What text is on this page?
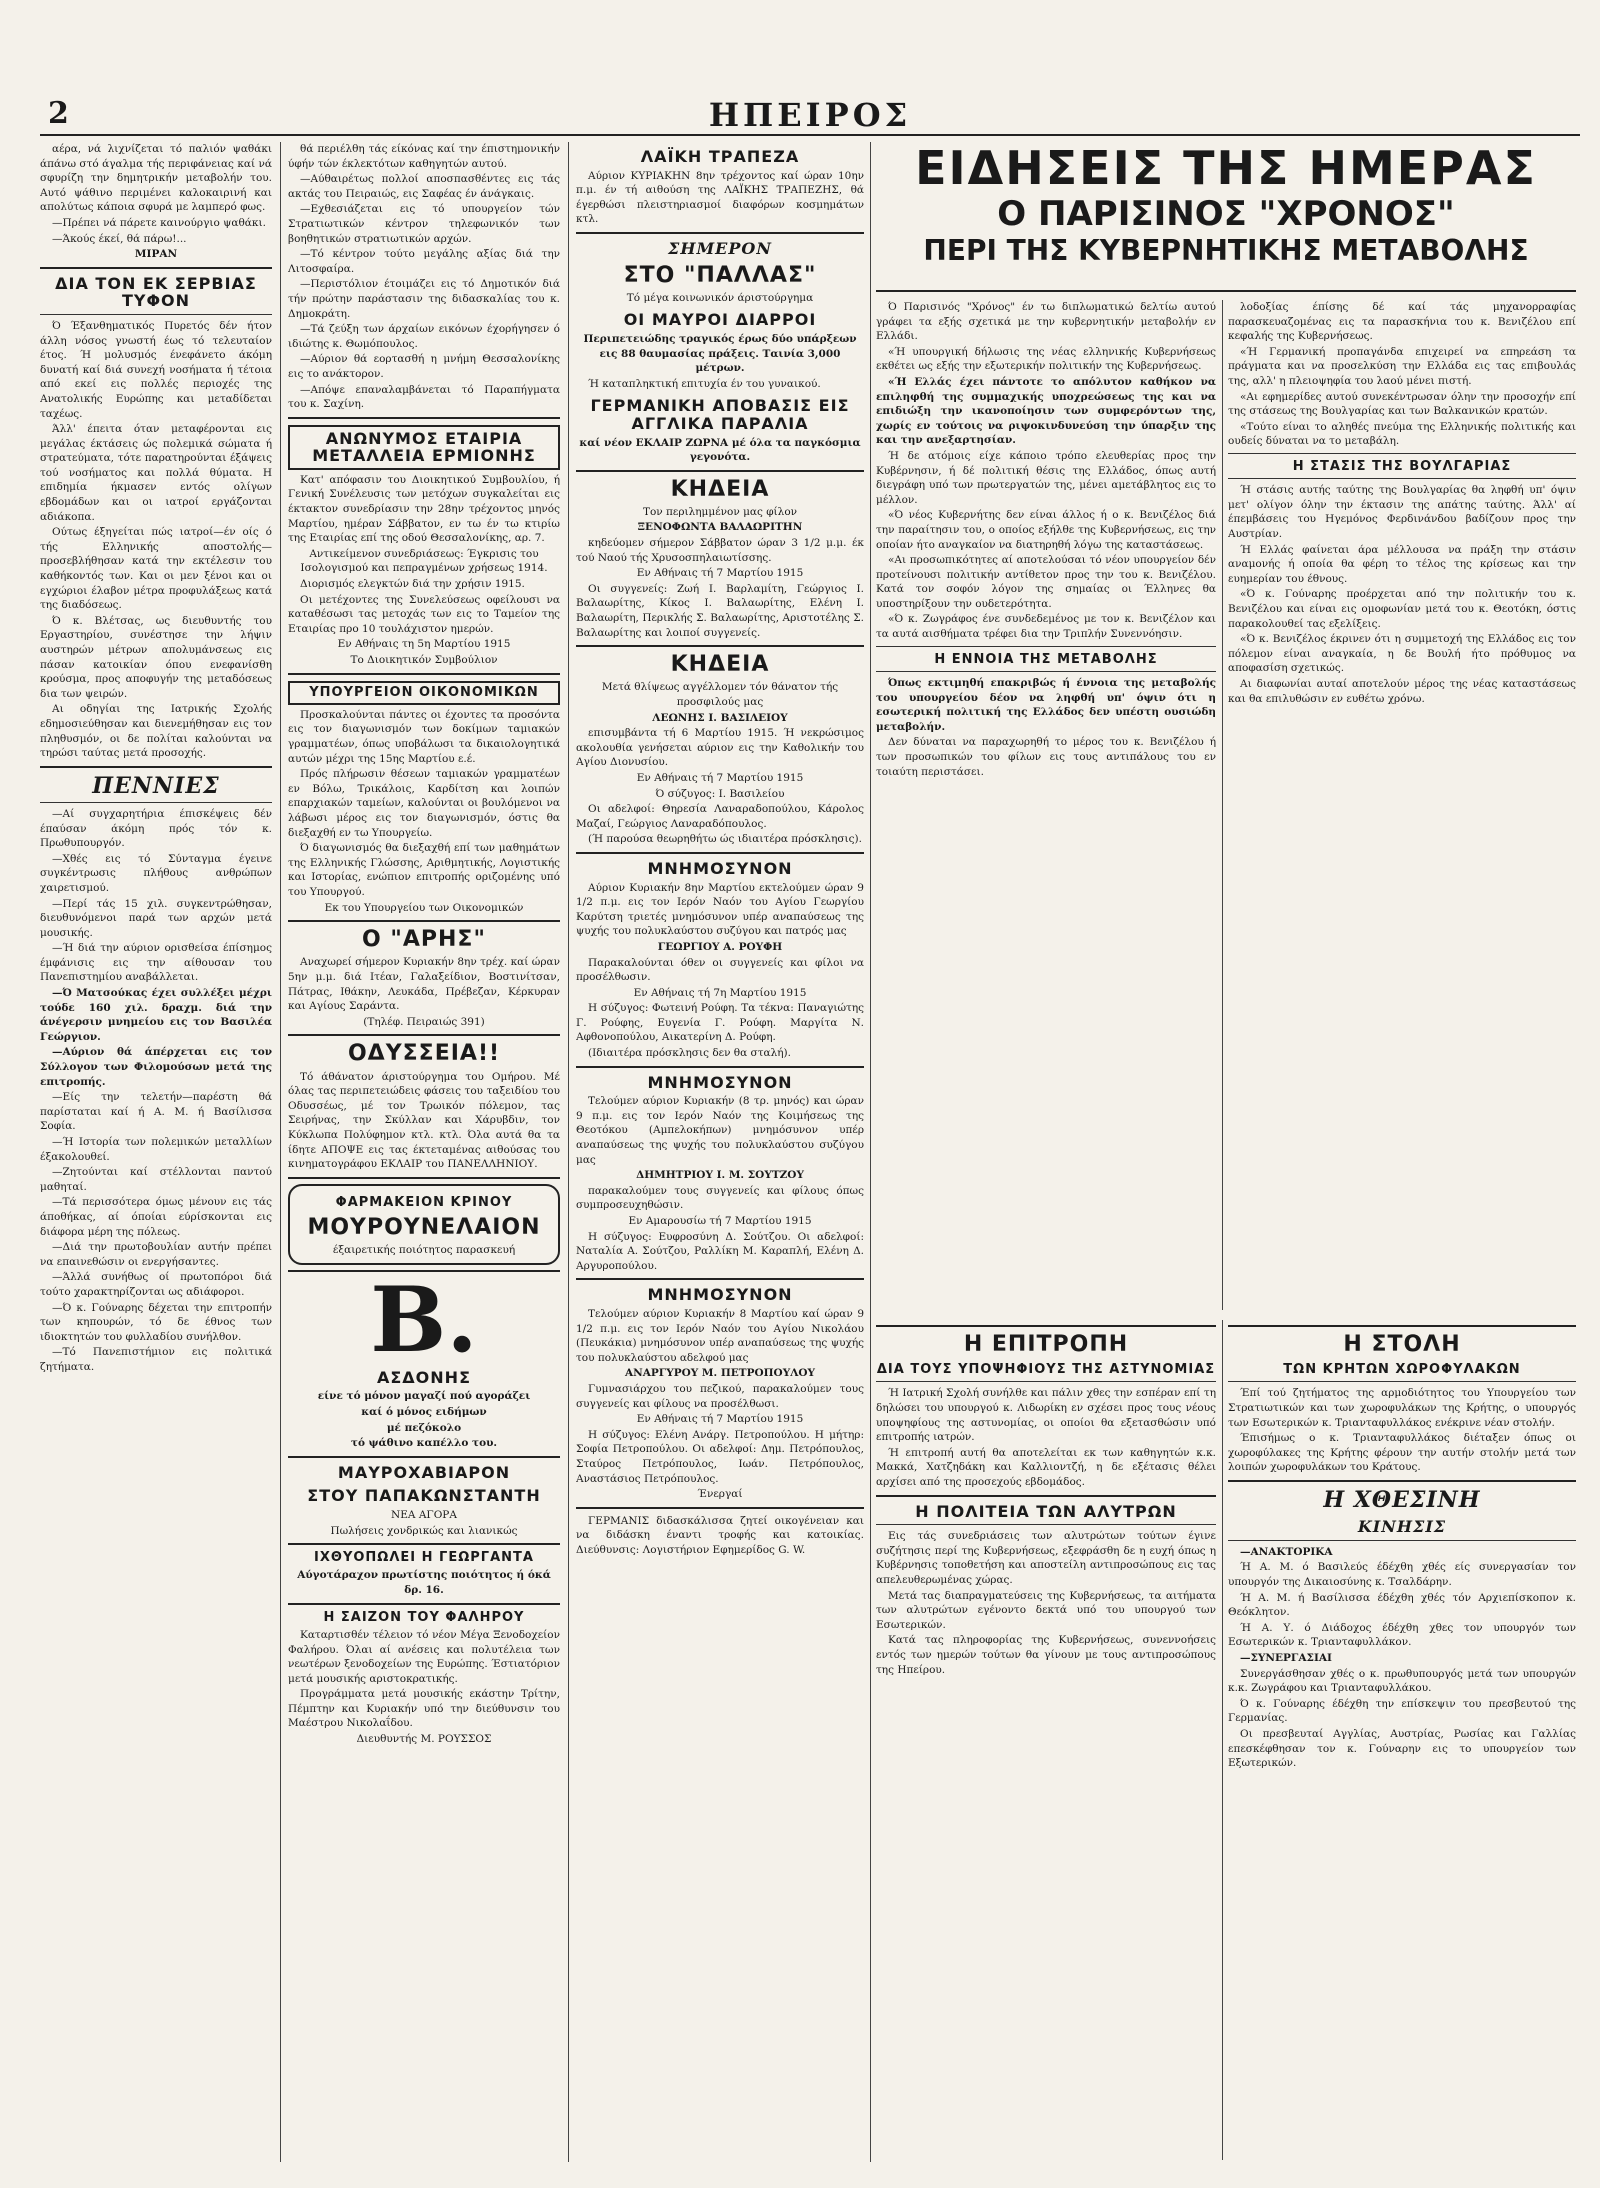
2	ΗΠΕΙΡΟΣ

αέρα, νά λιχνίζεται τό παλιόν ψαθάκι άπάνω στό άγαλμα τής περιφάνειας καί νά σφυρίζη την δημητρικήν μεταβολήν του. Αυτό ψάθινο περιμένει καλοκαιρινή και απολύτως κάποια σφυρά με λαμπερό φως.

—Πρέπει νά πάρετε καινούργιο ψαθάκι.

—Άκούς έκεί, θά πάρω!...

ΜΙΡΑΝ

ΔΙΑ ΤΟΝ ΕΚ ΣΕΡΒΙΑΣ ΤΥΦΟΝ

Ό Έξανθηματικός Πυρετός δέν ήτον άλλη νόσος γνωστή έως τό τελευταίον έτος. Ή μολυσμός ένεφάνετο άκόμη δυνατή καί διά συνεχή νοσήματα ή τέτοια από εκεί εις πολλές περιοχές της Ανατολικής Ευρώπης και μεταδίδεται ταχέως.

Άλλ' έπειτα όταν μεταφέρονται εις μεγάλας έκτάσεις ώς πολεμικά σώματα ή στρατεύματα, τότε παρατηρούνται έξάψεις τού νοσήματος και πολλά θύματα. Η επιδημία ήκμασεν εντός ολίγων εβδομάδων και οι ιατροί εργάζονται αδιάκοπα.

Ούτως έξηγείται πώς ιατροί—έν οίς ό τής Ελληνικής αποστολής—προσεβλήθησαν κατά την εκτέλεσιν του καθήκοντός των. Και οι μεν ξένοι και οι εγχώριοι έλαβον μέτρα προφυλάξεως κατά της διαδόσεως.

Ό κ. Βλέτσας, ως διευθυντής του Εργαστηρίου, συνέστησε την λήψιν αυστηρών μέτρων απολυμάνσεως εις πάσαν κατοικίαν όπου ενεφανίσθη κρούσμα, προς αποφυγήν της μεταδόσεως δια των ψειρών.

Αι οδηγίαι της Ιατρικής Σχολής εδημοσιεύθησαν και διενεμήθησαν εις τον πληθυσμόν, οι δε πολίται καλούνται να τηρώσι ταύτας μετά προσοχής.

ΠΕΝΝΙΕΣ

—Αί συγχαρητήρια έπισκέψεις δέν έπαύσαν άκόμη πρός τόν κ. Πρωθυπουργόν.

—Χθές εις τό Σύνταγμα έγεινε συγκέντρωσις πλήθους ανθρώπων χαιρετισμού.

—Περί τάς 15 χιλ. συγκεντρώθησαν, διευθυνόμενοι παρά των αρχών μετά μουσικής.

—Ή διά την αύριον ορισθείσα έπίσημος έμφάνισις εις την αίθουσαν του Πανεπιστημίου αναβάλλεται.

—Ό Ματσούκας έχει συλλέξει μέχρι τούδε 160 χιλ. δραχμ. διά την άνέγερσιν μνημείου εις τον Βασιλέα Γεώργιον.

—Αύριον θά άπέρχεται εις τον Σύλλογον των Φιλομούσων μετά της επιτροπής.

—Είς την τελετήν—παρέστη θά παρίσταται καί ή Α. Μ. ή Βασίλισσα Σοφία.

—Ή Ιστορία των πολεμικών μεταλλίων έξακολουθεί.

—Ζητούνται καί στέλλονται παντού μαθηταί.

—Τά περισσότερα όμως μένουν εις τάς άποθήκας, αί όποίαι εύρίσκονται εις διάφορα μέρη της πόλεως.

—Διά την πρωτοβουλίαν αυτήν πρέπει να επαινεθώσιν οι ενεργήσαντες.

—Άλλά συνήθως οί πρωτοπόροι διά τούτο χαρακτηρίζονται ως αδιάφοροι.

—Ό κ. Γούναρης δέχεται την επιτροπήν των κηπουρών, τό δε έθνος των ιδιοκτητών του φυλλαδίου συνήλθον.

—Τό Πανεπιστήμιον εις πολιτικά ζητήματα.

θά περιέλθη τάς είκόνας καί την έπιστημονικήν ύφήν τών έκλεκτότων καθηγητών αυτού.

—Αύθαιρέτως πολλοί αποσπασθέντες εις τάς ακτάς του Πειραιώς, εις Σαφέας έν άνάγκαις.

—Εχθεσιάζεται εις τό υπουργείον τών Στρατιωτικών κέντρον τηλεφωνικόν των βοηθητικών στρατιωτικών αρχών.

—Τό κέντρον τούτο μεγάλης αξίας διά την Λιτοσφαίρα.

—Περιστόλιον έτοιμάζει εις τό Δημοτικόν διά τήν πρώτην παράστασιν της διδασκαλίας του κ. Δημοκράτη.

—Τά ζεύξη των άρχαίων εικόνων έχορήγησεν ό ιδιώτης κ. Θωμόπουλος.

—Αύριον θά εορτασθή η μνήμη Θεσσαλονίκης εις το ανάκτορον.

—Απόψε επαναλαμβάνεται τό Παραπήγματα του κ. Σαχίνη.

ΑΝΩΝΥΜΟΣ ΕΤΑΙΡΙΑ
ΜΕΤΑΛΛΕΙΑ ΕΡΜΙΟΝΗΣ

Κατ' απόφασιν του Διοικητικού Συμβουλίου, ή Γενική Συνέλευσις των μετόχων συγκαλείται εις έκτακτον συνεδρίασιν την 28ην τρέχοντος μηνός Μαρτίου, ημέραν Σάββατον, εν τω έν τω κτιρίω της Εταιρίας επί της οδού Θεσσαλονίκης, αρ. 7.

Αντικείμενον συνεδριάσεως: Έγκρισις του Ισολογισμού και πεπραγμένων χρήσεως 1914.

Διορισμός ελεγκτών διά την χρήσιν 1915.

Οι μετέχοντες της Συνελεύσεως οφείλουσι να καταθέσωσι τας μετοχάς των εις το Ταμείον της Εταιρίας προ 10 τουλάχιστον ημερών.

Εν Αθήναις τη 5η Μαρτίου 1915

Το Διοικητικόν Συμβούλιον

ΥΠΟΥΡΓΕΙΟΝ ΟΙΚΟΝΟΜΙΚΩΝ

Προσκαλούνται πάντες οι έχοντες τα προσόντα εις τον διαγωνισμόν των δοκίμων ταμιακών γραμματέων, όπως υποβάλωσι τα δικαιολογητικά αυτών μέχρι της 15ης Μαρτίου ε.έ.

Πρός πλήρωσιν θέσεων ταμιακών γραμματέων εν Βόλω, Τρικάλοις, Καρδίτση και λοιπών επαρχιακών ταμείων, καλούνται οι βουλόμενοι να λάβωσι μέρος εις τον διαγωνισμόν, όστις θα διεξαχθή εν τω Υπουργείω.

Ό διαγωνισμός θα διεξαχθή επί των μαθημάτων της Ελληνικής Γλώσσης, Αριθμητικής, Λογιστικής και Ιστορίας, ενώπιον επιτροπής οριζομένης υπό του Υπουργού.

Εκ του Υπουργείου των Οικονομικών

Ο "ΑΡΗΣ"

Αναχωρεί σήμερον Κυριακήν 8ην τρέχ. καί ώραν 5ην μ.μ. διά Ιτέαν, Γαλαξείδιον, Βοστινίτσαν, Πάτρας, Ιθάκην, Λευκάδα, Πρέβεζαν, Κέρκυραν και Αγίους Σαράντα.

(Τηλέφ. Πειραιώς 391)

ΟΔΥΣΣΕΙΑ!!

Τό άθάνατον άριστούργημα του Ομήρου. Μέ όλας τας περιπετειώδεις φάσεις του ταξειδίου του Οδυσσέως, μέ τον Τρωικόν πόλεμον, τας Σειρήνας, την Σκύλλαν και Χάρυβδιν, τον Κύκλωπα Πολύφημον κτλ. κτλ. Όλα αυτά θα τα ίδητε ΑΠΟΨΕ εις τας έκτεταμένας αιθούσας του κινηματογράφου ΕΚΛΑΙΡ του ΠΑΝΕΛΛΗΝΙΟΥ.

ΦΑΡΜΑΚΕΙΟΝ ΚΡΙΝΟΥ
ΜΟΥΡΟΥΝΕΛΑΙΟΝ

έξαιρετικής ποιότητος παρασκευή

Β.
ΑΣΔΟΝΗΣ

είνε τό μόνον μαγαζί πού αγοράζει

καί ό μόνος ειδήμων

μέ πεζόκολο

τό ψάθινο καπέλλο του.

ΜΑΥΡΟΧΑΒΙΑΡΟΝ
ΣΤΟΥ ΠΑΠΑΚΩΝΣΤΑΝΤΗ

ΝΕΑ ΑΓΟΡΑ

Πωλήσεις χονδρικώς και λιανικώς

ΙΧΘΥΟΠΩΛΕΙ Η ΓΕΩΡΓΑΝΤΑ

Αύγοτάραχον πρωτίστης ποιότητος ή όκά δρ. 16.

Η ΣΑΙΖΟΝ ΤΟΥ ΦΑΛΗΡΟΥ

Καταρτισθέν τέλειον τό νέον Μέγα Ξενοδοχείον Φαλήρου. Όλαι αί ανέσεις και πολυτέλεια των νεωτέρων ξενοδοχείων της Ευρώπης. Έστιατόριον μετά μουσικής αριστοκρατικής.

Προγράμματα μετά μουσικής εκάστην Τρίτην, Πέμπτην και Κυριακήν υπό την διεύθυνσιν του Μαέστρου Νικολαΐδου.

Διευθυντής Μ. ΡΟΥΣΣΟΣ

ΛΑΪΚΗ ΤΡΑΠΕΖΑ

Αύριον ΚΥΡΙΑΚΗΝ 8ην τρέχοντος καί ώραν 10ην π.μ. έν τή αιθούση της ΛΑΪΚΗΣ ΤΡΑΠΕΖΗΣ, θά έγερθώσι πλειστηριασμοί διαφόρων κοσμημάτων κτλ.

ΣΗΜΕΡΟΝ
ΣΤΟ "ΠΑΛΛΑΣ"

Τό μέγα κοινωνικόν άριστούργημα

ΟΙ ΜΑΥΡΟΙ ΔΙΑΡΡΟΙ

Περιπετειώδης τραγικός έρως δύο υπάρξεων εις 88 θαυμασίας πράξεις. Ταινία 3,000 μέτρων.

Ή καταπληκτική επιτυχία έν του γυναικού.

ΓΕΡΜΑΝΙΚΗ ΑΠΟΒΑΣΙΣ ΕΙΣ ΑΓΓΛΙΚΑ ΠΑΡΑΛΙΑ

καί νέον ΕΚΛΑΙΡ ΖΩΡΝΑ μέ όλα τα παγκόσμια γεγονότα.

ΚΗΔΕΙΑ

Τον περιλημμένον μας φίλον

ΞΕΝΟΦΩΝΤΑ ΒΑΛΑΩΡΙΤΗΝ

κηδεύομεν σήμερον Σάββατον ώραν 3 1/2 μ.μ. έκ τού Ναού τής Χρυσοσπηλαιωτίσσης.

Εν Αθήναις τή 7 Μαρτίου 1915

Οι συγγενείς: Ζωή Ι. Βαρλαμίτη, Γεώργιος Ι. Βαλαωρίτης, Κίκος Ι. Βαλαωρίτης, Ελένη Ι. Βαλαωρίτη, Περικλής Σ. Βαλαωρίτης, Αριστοτέλης Σ. Βαλαωρίτης και λοιποί συγγενείς.

ΚΗΔΕΙΑ

Μετά θλίψεως αγγέλλομεν τόν θάνατον τής προσφιλούς μας

ΛΕΩΝΗΣ Ι. ΒΑΣΙΛΕΙΟΥ

επισυμβάντα τή 6 Μαρτίου 1915. Ή νεκρώσιμος ακολουθία γενήσεται αύριον εις την Καθολικήν του Αγίου Διονυσίου.

Εν Αθήναις τή 7 Μαρτίου 1915

Ό σύζυγος: Ι. Βασιλείου

Οι αδελφοί: Θηρεσία Λαναραδοπούλου, Κάρολος Μαζαί, Γεώργιος Λαναραδόπουλος.

(Ή παρούσα θεωρηθήτω ώς ιδιαιτέρα πρόσκλησις).

ΜΝΗΜΟΣΥΝΟΝ

Αύριον Κυριακήν 8ην Μαρτίου εκτελούμεν ώραν 9 1/2 π.μ. εις τον Ιερόν Ναόν του Αγίου Γεωργίου Καρύτση τριετές μνημόσυνον υπέρ αναπαύσεως της ψυχής του πολυκλαύστου συζύγου και πατρός μας

ΓΕΩΡΓΙΟΥ Α. ΡΟΥΦΗ

Παρακαλούνται όθεν οι συγγενείς και φίλοι να προσέλθωσιν.

Εν Αθήναις τή 7η Μαρτίου 1915

Η σύζυγος: Φωτεινή Ρούφη. Τα τέκνα: Παναγιώτης Γ. Ρούφης, Ευγενία Γ. Ρούφη. Μαργίτα Ν. Αφθονοπούλου, Αικατερίνη Δ. Ρούφη.

(Ιδιαιτέρα πρόσκλησις δεν θα σταλή).

ΜΝΗΜΟΣΥΝΟΝ

Τελούμεν αύριον Κυριακήν (8 τρ. μηνός) και ώραν 9 π.μ. εις τον Ιερόν Ναόν της Κοιμήσεως της Θεοτόκου (Αμπελοκήπων) μνημόσυνον υπέρ αναπαύσεως της ψυχής του πολυκλαύστου συζύγου μας

ΔΗΜΗΤΡΙΟΥ Ι. Μ. ΣΟΥΤΖΟΥ

παρακαλούμεν τους συγγενείς και φίλους όπως συμπροσευχηθώσιν.

Εν Αμαρουσίω τή 7 Μαρτίου 1915

Η σύζυγος: Ευφροσύνη Δ. Σούτζου. Οι αδελφοί: Ναταλία Α. Σούτζου, Ραλλίκη Μ. Καραπλή, Ελένη Δ. Αργυροπούλου.

ΜΝΗΜΟΣΥΝΟΝ

Τελούμεν αύριον Κυριακήν 8 Μαρτίου καί ώραν 9 1/2 π.μ. εις τον Ιερόν Ναόν του Αγίου Νικολάου (Πευκάκια) μνημόσυνον υπέρ αναπαύσεως της ψυχής του πολυκλαύστου αδελφού μας

ΑΝΑΡΓΥΡΟΥ Μ. ΠΕΤΡΟΠΟΥΛΟΥ

Γυμνασιάρχου του πεζικού, παρακαλούμεν τους συγγενείς και φίλους να προσέλθωσι.

Εν Αθήναις τή 7 Μαρτίου 1915

Η σύζυγος: Ελένη Ανάργ. Πετροπούλου. Η μήτηρ: Σοφία Πετροπούλου. Οι αδελφοί: Δημ. Πετρόπουλος, Σταύρος Πετρόπουλος, Ιωάν. Πετρόπουλος, Αναστάσιος Πετρόπουλος.

Ένεργαί

ΓΕΡΜΑΝΙΣ διδασκάλισσα ζητεί οικογένειαν και να διδάσκη έναντι τροφής και κατοικίας. Διεύθυνσις: Λογιστήριον Εφημερίδος G. W.

ΕΙΔΗΣΕΙΣ ΤΗΣ ΗΜΕΡΑΣ
Ο ΠΑΡΙΣΙΝΟΣ "ΧΡΟΝΟΣ"
ΠΕΡΙ ΤΗΣ ΚΥΒΕΡΝΗΤΙΚΗΣ ΜΕΤΑΒΟΛΗΣ

Ό Παρισινός "Χρόνος" έν τω διπλωματικώ δελτίω αυτού γράφει τα εξής σχετικά με την κυβερνητικήν μεταβολήν εν Ελλάδι.

«Ή υπουργική δήλωσις της νέας ελληνικής Κυβερνήσεως εκθέτει ως εξής την εξωτερικήν πολιτικήν της Κυβερνήσεως.

«Ή Ελλάς έχει πάντοτε το απόλυτον καθήκον να επιληφθή της συμμαχικής υποχρεώσεως της και να επιδιώξη την ικανοποίησιν των συμφερόντων της, χωρίς εν τούτοις να ριψοκινδυνεύση την ύπαρξιν της και την ανεξαρτησίαν.

Ή δε ατόμοις είχε κάποιο τρόπο ελευθερίας προς την Κυβέρνησιν, ή δέ πολιτική θέσις της Ελλάδος, όπως αυτή διεγράφη υπό των πρωτεργατών της, μένει αμετάβλητος εις το μέλλον.

«Ό νέος Κυβερνήτης δεν είναι άλλος ή ο κ. Βενιζέλος διά την παραίτησιν του, ο οποίος εξήλθε της Κυβερνήσεως, εις την οποίαν ήτο αναγκαίον να διατηρηθή λόγω της καταστάσεως.

«Αι προσωπικότητες αί αποτελούσαι τό νέον υπουργείον δέν προτείνουσι πολιτικήν αντίθετον προς την του κ. Βενιζέλου. Κατά τον σοφόν λόγον της σημαίας οι Έλληνες θα υποστηρίξουν την ουδετερότητα.

«Ό κ. Ζωγράφος ένε συνδεδεμένος με τον κ. Βενιζέλον και τα αυτά αισθήματα τρέφει δια την Τριπλήν Συνεννόησιν.

Η ΕΝΝΟΙΑ ΤΗΣ ΜΕΤΑΒΟΛΗΣ

Όπως εκτιμηθή επακριβώς ή έννοια της μεταβολής του υπουργείου δέον να ληφθή υπ' όψιν ότι η εσωτερική πολιτική της Ελλάδος δεν υπέστη ουσιώδη μεταβολήν.

Δεν δύναται να παραχωρηθή το μέρος του κ. Βενιζέλου ή των προσωπικών του φίλων εις τους αντιπάλους του εν τοιαύτη περιστάσει.

λοδοξίας έπίσης δέ καί τάς μηχανορραφίας παρασκευαζομένας εις τα παρασκήνια του κ. Βενιζέλου επί κεφαλής της Κυβερνήσεως.

«Ή Γερμανική προπαγάνδα επιχειρεί να επηρεάση τα πράγματα και να προσελκύση την Ελλάδα εις τας επιβουλάς της, αλλ' η πλειοψηφία του λαού μένει πιστή.

«Αι εφημερίδες αυτού συνεκέντρωσαν όλην την προσοχήν επί της στάσεως της Βουλγαρίας και των Βαλκανικών κρατών.

«Τούτο είναι το αληθές πνεύμα της Ελληνικής πολιτικής και ουδείς δύναται να το μεταβάλη.

Η ΣΤΑΣΙΣ ΤΗΣ ΒΟΥΛΓΑΡΙΑΣ

Ή στάσις αυτής ταύτης της Βουλγαρίας θα ληφθή υπ' όψιν μετ' ολίγον όλην την έκτασιν της απάτης ταύτης. Άλλ' αί έπεμβάσεις του Ηγεμόνος Φερδινάνδου βαδίζουν προς την Αυστρίαν.

Ή Ελλάς φαίνεται άρα μέλλουσα να πράξη την στάσιν αναμονής ή οποία θα φέρη το τέλος της κρίσεως και την ευημερίαν του έθνους.

«Ό κ. Γούναρης προέρχεται από την πολιτικήν του κ. Βενιζέλου και είναι εις ομοφωνίαν μετά του κ. Θεοτόκη, όστις παρακολουθεί τας εξελίξεις.

«Ό κ. Βενιζέλος έκρινεν ότι η συμμετοχή της Ελλάδος εις τον πόλεμον είναι αναγκαία, η δε Βουλή ήτο πρόθυμος να αποφασίση σχετικώς.

Αι διαφωνίαι αυταί αποτελούν μέρος της νέας καταστάσεως και θα επιλυθώσιν εν ευθέτω χρόνω.

Η ΕΠΙΤΡΟΠΗ
ΔΙΑ ΤΟΥΣ ΥΠΟΨΗΦΙΟΥΣ ΤΗΣ ΑΣΤΥΝΟΜΙΑΣ

Ή Ιατρική Σχολή συνήλθε και πάλιν χθες την εσπέραν επί τη δηλώσει του υπουργού κ. Λιδωρίκη εν σχέσει προς τους νέους υποψηφίους της αστυνομίας, οι οποίοι θα εξετασθώσιν υπό επιτροπής ιατρών.

Ή επιτροπή αυτή θα αποτελείται εκ των καθηγητών κ.κ. Μακκά, Χατζηδάκη και Καλλιοντζή, η δε εξέτασις θέλει αρχίσει από της προσεχούς εβδομάδος.

Η ΠΟΛΙΤΕΙΑ ΤΩΝ ΑΛΥΤΡΩΝ

Εις τάς συνεδριάσεις των αλυτρώτων τούτων έγινε συζήτησις περί της Κυβερνήσεως, εξεφράσθη δε η ευχή όπως η Κυβέρνησις τοποθετήση και αποστείλη αντιπροσώπους εις τας απελευθερωμένας χώρας.

Μετά τας διαπραγματεύσεις της Κυβερνήσεως, τα αιτήματα των αλυτρώτων εγένοντο δεκτά υπό του υπουργού των Εσωτερικών.

Κατά τας πληροφορίας της Κυβερνήσεως, συνεννοήσεις εντός των ημερών τούτων θα γίνουν με τους αντιπροσώπους της Ηπείρου.

Η ΣΤΟΛΗ
ΤΩΝ ΚΡΗΤΩΝ ΧΩΡΟΦΥΛΑΚΩΝ

Έπί τού ζητήματος της αρμοδιότητος του Υπουργείου των Στρατιωτικών και των χωροφυλάκων της Κρήτης, ο υπουργός των Εσωτερικών κ. Τριανταφυλλάκος ενέκρινε νέαν στολήν.

Έπισήμως ο κ. Τριανταφυλλάκος διέταξεν όπως οι χωροφύλακες της Κρήτης φέρουν την αυτήν στολήν μετά των λοιπών χωροφυλάκων του Κράτους.

Η ΧΘΕΣΙΝΗ
ΚΙΝΗΣΙΣ

—ΑΝΑΚΤΟΡΙΚΑ

Ή Α. Μ. ό Βασιλεύς έδέχθη χθές είς συνεργασίαν τον υπουργόν της Δικαιοσύνης κ. Τσαλδάρην.

Ή Α. Μ. ή Βασίλισσα έδέχθη χθές τόν Αρχιεπίσκοπον κ. Θεόκλητον.

Ή Α. Υ. ό Διάδοχος έδέχθη χθες τον υπουργόν των Εσωτερικών κ. Τριανταφυλλάκον.

—ΣΥΝΕΡΓΑΣΙΑΙ

Συνεργάσθησαν χθές ο κ. πρωθυπουργός μετά των υπουργών κ.κ. Ζωγράφου και Τριανταφυλλάκου.

Ό κ. Γούναρης έδέχθη την επίσκεψιν του πρεσβευτού της Γερμανίας.

Οι πρεσβευταί Αγγλίας, Αυστρίας, Ρωσίας και Γαλλίας επεσκέφθησαν τον κ. Γούναρην εις το υπουργείον των Εξωτερικών.
